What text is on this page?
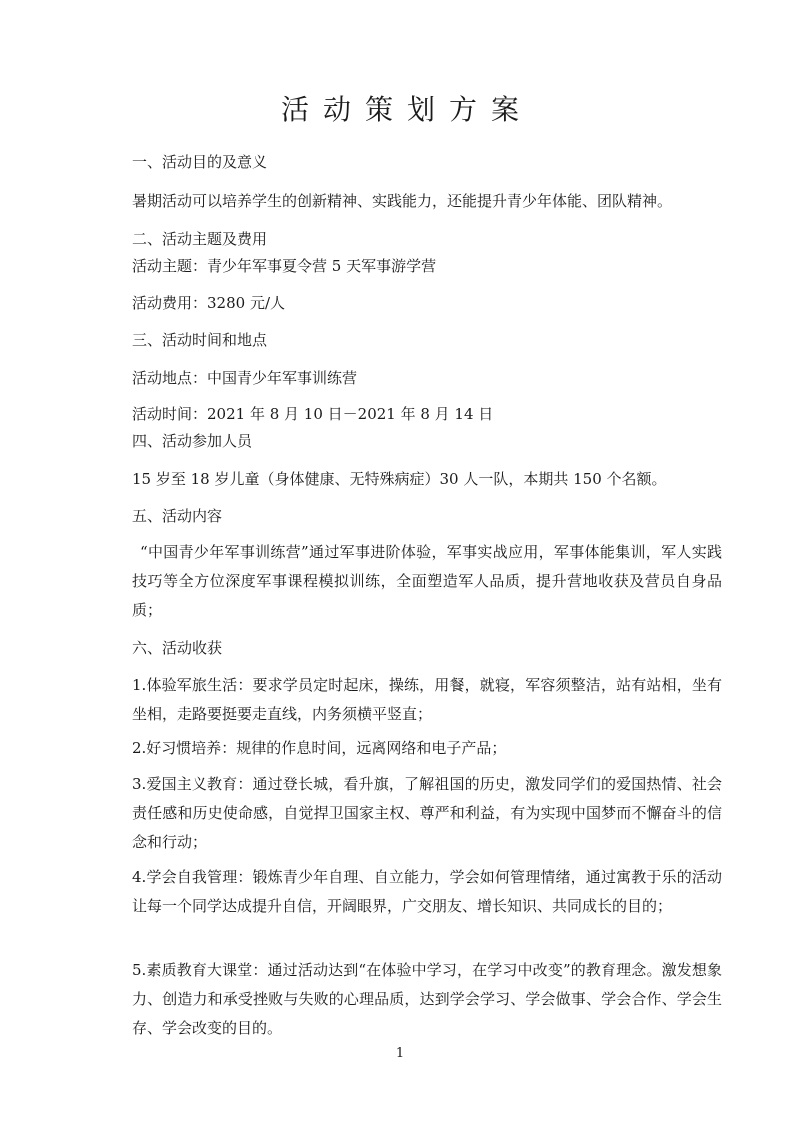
活动策划方案
一、活动目的及意义
暑期活动可以培养学生的创新精神、实践能力，还能提升青少年体能、团队精神。
二、活动主题及费用
活动主题：青少年军事夏令营 5 天军事游学营
活动费用：3280 元/人
三、活动时间和地点
活动地点：中国青少年军事训练营
活动时间：2021 年 8 月 10 日－2021 年 8 月 14 日
四、活动参加人员
15 岁至 18 岁儿童（身体健康、无特殊病症）30 人一队，本期共 150 个名额。
五、活动内容
“中国青少年军事训练营”通过军事进阶体验，军事实战应用，军事体能集训，军人实践技巧等全方位深度军事课程模拟训练，全面塑造军人品质，提升营地收获及营员自身品质；
六、活动收获
1.体验军旅生活：要求学员定时起床，操练，用餐，就寝，军容须整洁，站有站相，坐有坐相，走路要挺要走直线，内务须横平竖直；
2.好习惯培养：规律的作息时间，远离网络和电子产品；
3.爱国主义教育：通过登长城，看升旗，了解祖国的历史，激发同学们的爱国热情、社会责任感和历史使命感，自觉捍卫国家主权、尊严和利益，有为实现中国梦而不懈奋斗的信念和行动；
4.学会自我管理：锻炼青少年自理、自立能力，学会如何管理情绪，通过寓教于乐的活动让每一个同学达成提升自信，开阔眼界，广交朋友、增长知识、共同成长的目的；
5.素质教育大课堂：通过活动达到“在体验中学习，在学习中改变”的教育理念。激发想象力、创造力和承受挫败与失败的心理品质，达到学会学习、学会做事、学会合作、学会生存、学会改变的目的。
1
